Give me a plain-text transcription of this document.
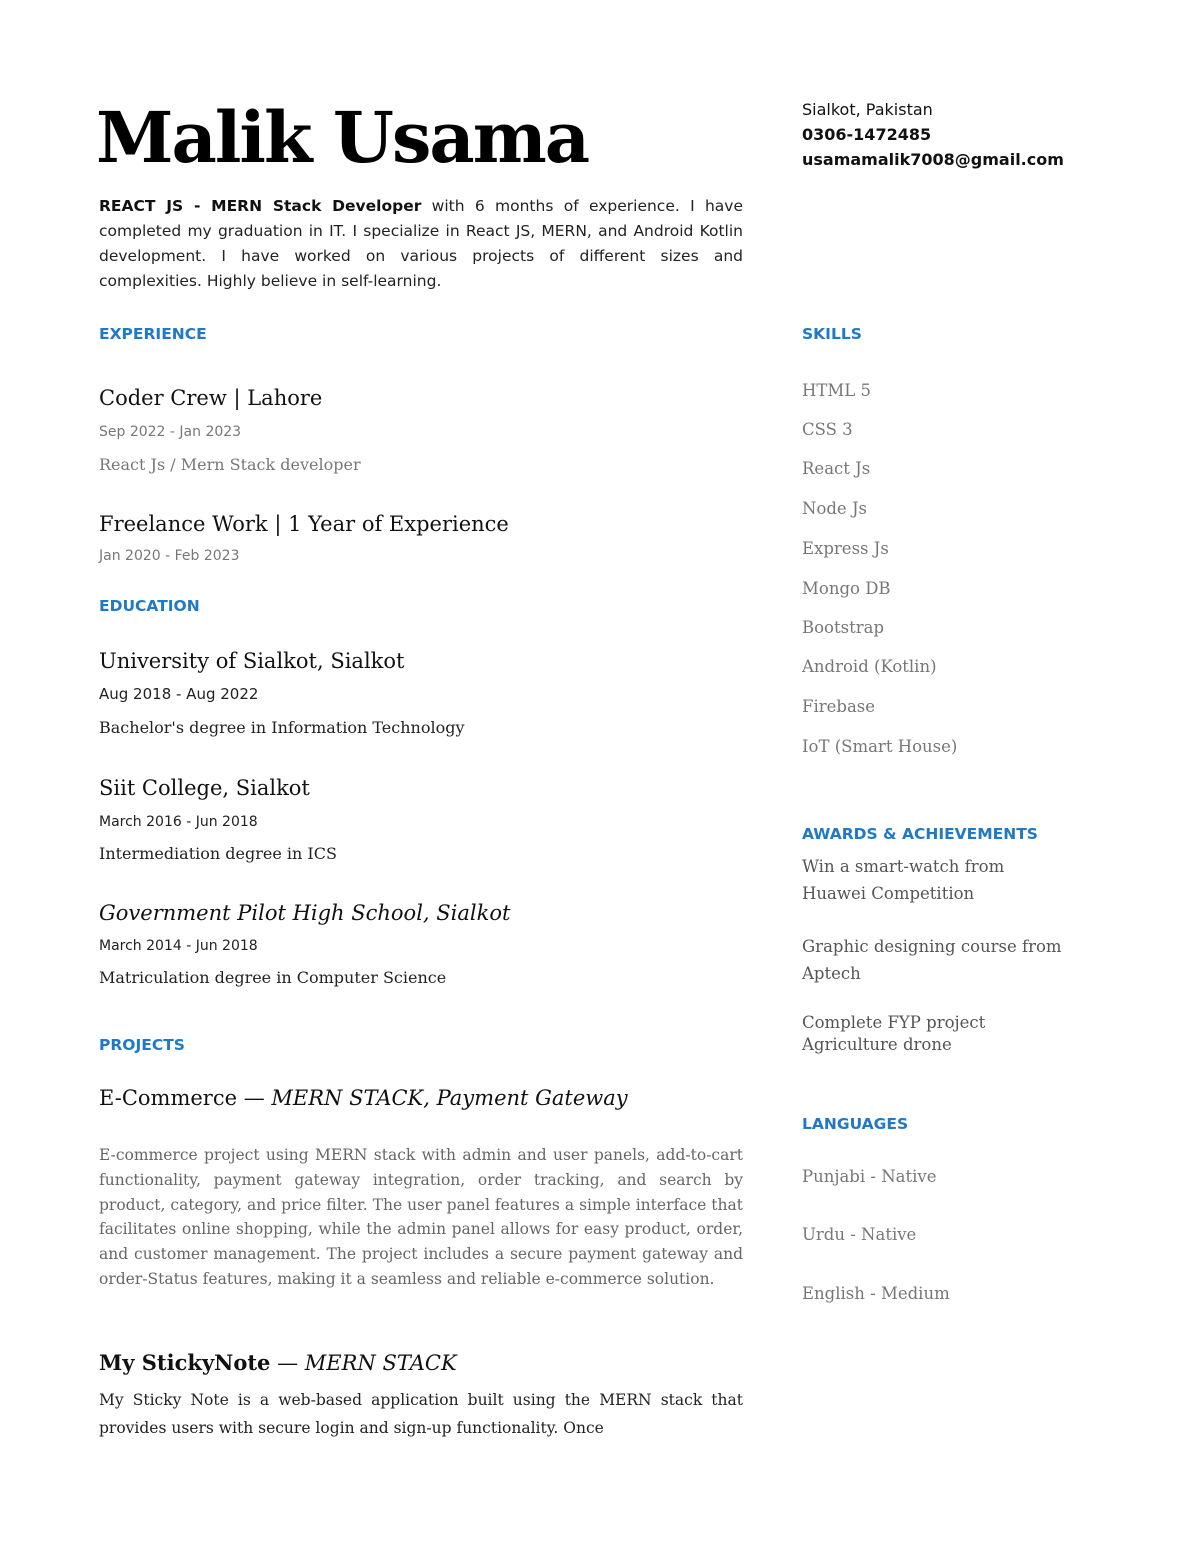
Malik Usama	Sialkot, Pakistan
0306-1472485
usamamalik7008@gmail.com
REACT JS - MERN Stack Developer with 6 months of experience. I have completed my graduation in IT. I specialize in React JS, MERN, and Android Kotlin development. I have worked on various projects of different sizes and complexities. Highly believe in self-learning.
EXPERIENCE
Coder Crew | Lahore
Sep 2022 - Jan 2023
React Js / Mern Stack developer
Freelance Work | 1 Year of Experience
Jan 2020 - Feb 2023
EDUCATION
University of Sialkot, Sialkot
Aug 2018 - Aug 2022
Bachelor's degree in Information Technology
Siit College, Sialkot
March 2016 - Jun 2018
Intermediation degree in ICS
Government Pilot High School, Sialkot
March 2014 - Jun 2018
Matriculation degree in Computer Science
PROJECTS
E-Commerce — MERN STACK, Payment Gateway
E-commerce project using MERN stack with admin and user panels, add-to-cart functionality, payment gateway integration, order tracking, and search by product, category, and price filter. The user panel features a simple interface that facilitates online shopping, while the admin panel allows for easy product, order, and customer management. The project includes a secure payment gateway and order-Status features, making it a seamless and reliable e-commerce solution.
My StickyNote — MERN STACK
My Sticky Note is a web-based application built using the MERN stack that provides users with secure login and sign-up functionality. Once
SKILLS
HTML 5
CSS 3
React Js
Node Js
Express Js
Mongo DB
Bootstrap
Android (Kotlin)
Firebase
IoT (Smart House)
AWARDS & ACHIEVEMENTS
Win a smart-watch from Huawei Competition
Graphic designing course from Aptech
Complete FYP project Agriculture drone
LANGUAGES
Punjabi - Native
Urdu - Native
English - Medium
